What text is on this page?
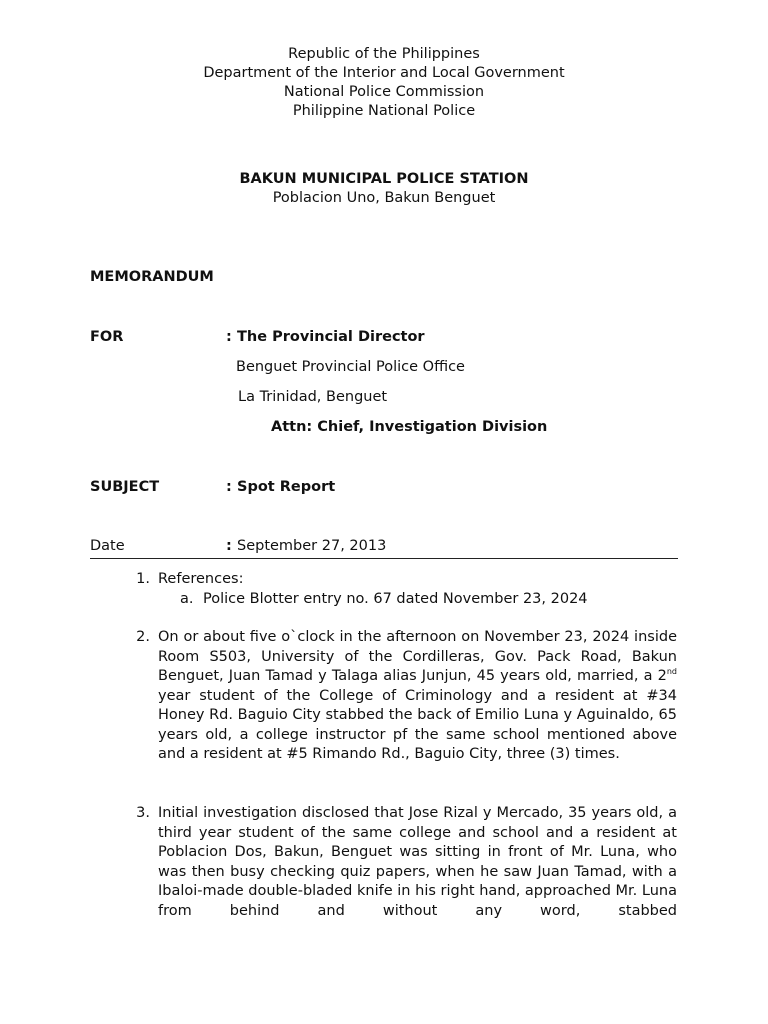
Republic of the Philippines
Department of the Interior and Local Government
National Police Commission
Philippine National Police
BAKUN MUNICIPAL POLICE STATION
Poblacion Uno, Bakun Benguet
MEMORANDUM
FOR	: The Provincial Director
Benguet Provincial Police Office
La Trinidad, Benguet
Attn: Chief, Investigation Division
SUBJECT	: Spot Report
Date	: September 27, 2013
1. References:
a. Police Blotter entry no. 67 dated November 23, 2024
2. On or about five o`clock in the afternoon on November 23, 2024 inside Room S503, University of the Cordilleras, Gov. Pack Road, Bakun Benguet, Juan Tamad y Talaga alias Junjun, 45 years old, married, a 2nd year student of the College of Criminology and a resident at #34 Honey Rd. Baguio City stabbed the back of Emilio Luna y Aguinaldo, 65 years old, a college instructor pf the same school mentioned above and a resident at #5 Rimando Rd., Baguio City, three (3) times.

3. Initial investigation disclosed that Jose Rizal y Mercado, 35 years old, a third year student of the same college and school and a resident at Poblacion Dos, Bakun, Benguet was sitting in front of Mr. Luna, who was then busy checking quiz papers, when he saw Juan Tamad, with a Ibaloi-made double-bladed knife in his right hand, approached Mr. Luna from behind and without any word, stabbed
